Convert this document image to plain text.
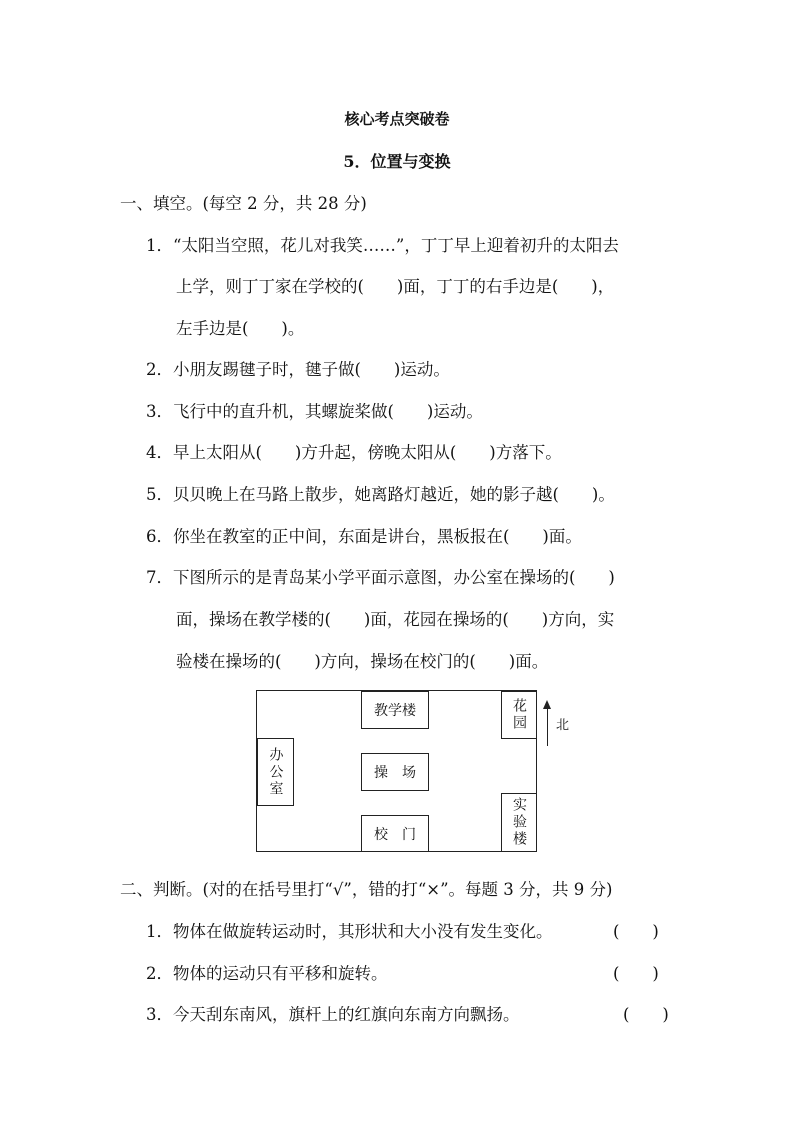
核心考点突破卷
5．位置与变换
一、填空。(每空 2 分，共 28 分)
1．“太阳当空照，花儿对我笑……”，丁丁早上迎着初升的太阳去
上学，则丁丁家在学校的(　　)面，丁丁的右手边是(　　)，
左手边是(　　)。
2．小朋友踢毽子时，毽子做(　　)运动。
3．飞行中的直升机，其螺旋桨做(　　)运动。
4．早上太阳从(　　)方升起，傍晚太阳从(　　)方落下。
5．贝贝晚上在马路上散步，她离路灯越近，她的影子越(　　)。
6．你坐在教室的正中间，东面是讲台，黑板报在(　　)面。
7．下图所示的是青岛某小学平面示意图，办公室在操场的(　　)
面，操场在教学楼的(　　)面，花园在操场的(　　)方向，实
验楼在操场的(　　)方向，操场在校门的(　　)面。
教学楼	花园
办公室	操　场
实验楼
校　门
北
二、判断。(对的在括号里打“√”，错的打“×”。每题 3 分，共 9 分)
1．物体在做旋转运动时，其形状和大小没有发生变化。	(　　)
2．物体的运动只有平移和旋转。	(　　)
3．今天刮东南风，旗杆上的红旗向东南方向飘扬。	(　　)
